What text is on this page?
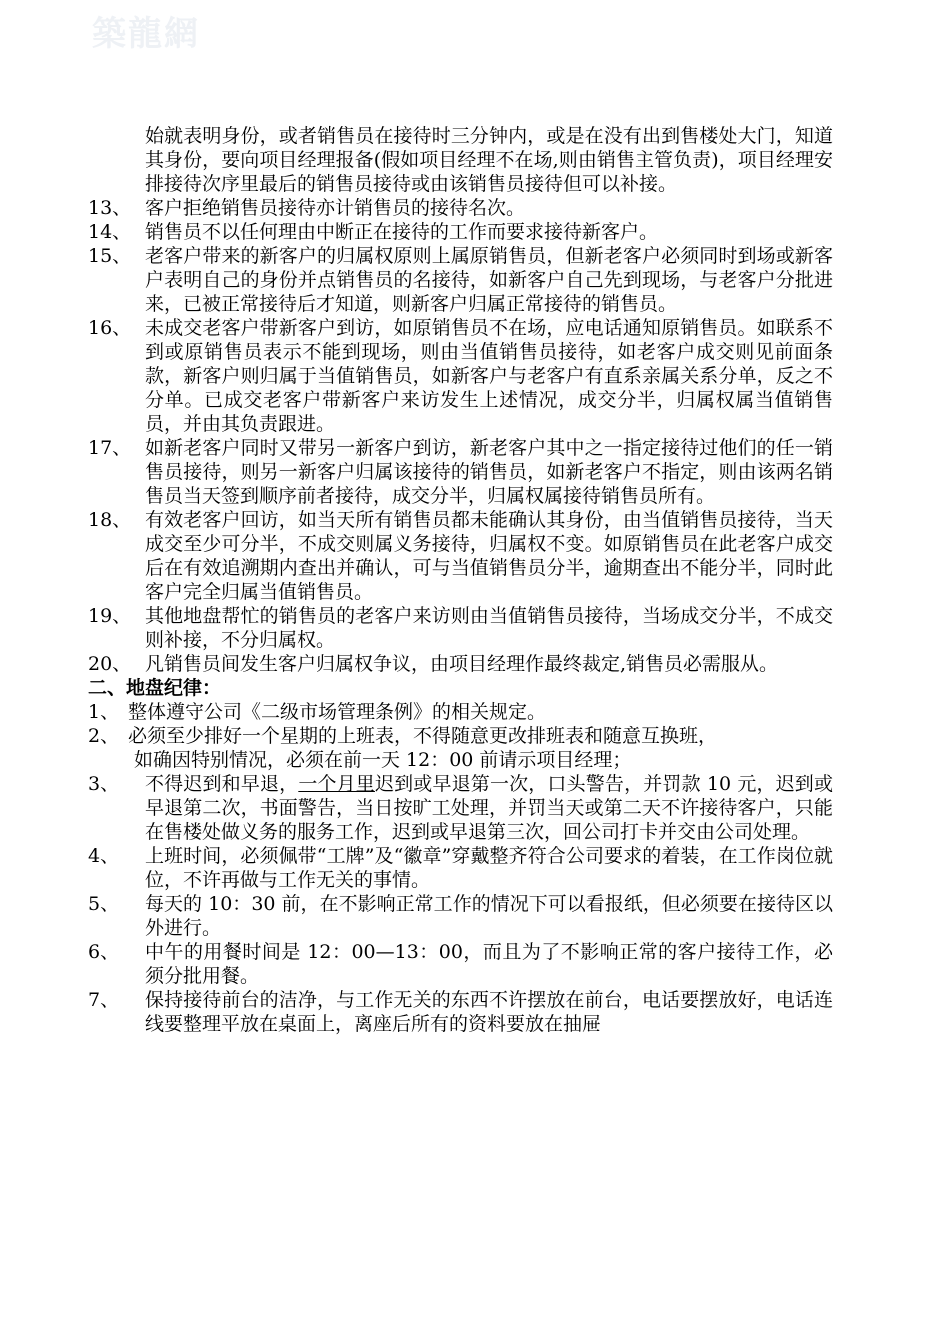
築龍網
始就表明身份，或者销售员在接待时三分钟内，或是在没有出到售楼处大门，知道其身份，要向项目经理报备(假如项目经理不在场,则由销售主管负责)，项目经理安排接待次序里最后的销售员接待或由该销售员接待但可以补接。
13、 客户拒绝销售员接待亦计销售员的接待名次。
14、 销售员不以任何理由中断正在接待的工作而要求接待新客户。
15、 老客户带来的新客户的归属权原则上属原销售员，但新老客户必须同时到场或新客户表明自己的身份并点销售员的名接待，如新客户自己先到现场，与老客户分批进来，已被正常接待后才知道，则新客户归属正常接待的销售员。
16、 未成交老客户带新客户到访，如原销售员不在场，应电话通知原销售员。如联系不到或原销售员表示不能到现场，则由当值销售员接待，如老客户成交则见前面条款，新客户则归属于当值销售员，如新客户与老客户有直系亲属关系分单，反之不分单。已成交老客户带新客户来访发生上述情况，成交分半，归属权属当值销售员，并由其负责跟进。
17、 如新老客户同时又带另一新客户到访，新老客户其中之一指定接待过他们的任一销售员接待，则另一新客户归属该接待的销售员，如新老客户不指定，则由该两名销售员当天签到顺序前者接待，成交分半，归属权属接待销售员所有。
18、 有效老客户回访，如当天所有销售员都未能确认其身份，由当值销售员接待，当天成交至少可分半，不成交则属义务接待，归属权不变。如原销售员在此老客户成交后在有效追溯期内查出并确认，可与当值销售员分半，逾期查出不能分半，同时此客户完全归属当值销售员。
19、 其他地盘帮忙的销售员的老客户来访则由当值销售员接待，当场成交分半，不成交则补接，不分归属权。
20、 凡销售员间发生客户归属权争议，由项目经理作最终裁定,销售员必需服从。
二、地盘纪律：
1、 整体遵守公司《二级市场管理条例》的相关规定。
2、 必须至少排好一个星期的上班表，不得随意更改排班表和随意互换班，
如确因特别情况，必须在前一天 12：00 前请示项目经理；
3、	不得迟到和早退，一个月里迟到或早退第一次，口头警告，并罚款 10 元，迟到或早退第二次，书面警告，当日按旷工处理，并罚当天或第二天不许接待客户，只能在售楼处做义务的服务工作，迟到或早退第三次，回公司打卡并交由公司处理。
4、	上班时间，必须佩带“工牌”及“徽章”穿戴整齐符合公司要求的着装，在工作岗位就位，不许再做与工作无关的事情。
5、	每天的 10：30 前，在不影响正常工作的情况下可以看报纸，但必须要在接待区以外进行。
6、	中午的用餐时间是 12：00—13：00，而且为了不影响正常的客户接待工作，必须分批用餐。
7、	保持接待前台的洁净，与工作无关的东西不许摆放在前台，电话要摆放好，电话连线要整理平放在桌面上，离座后所有的资料要放在抽屉
